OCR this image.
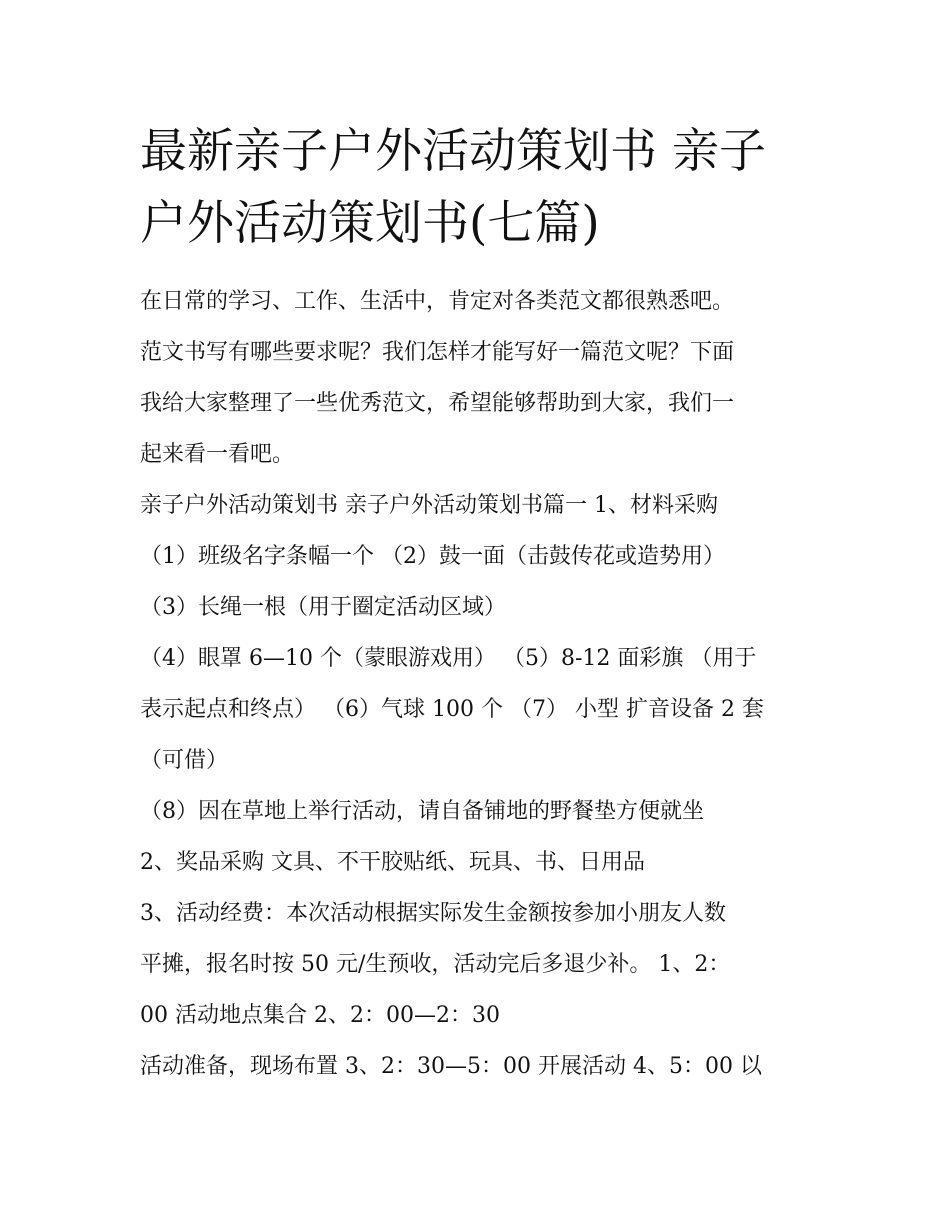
最新亲子户外活动策划书 亲子
户外活动策划书(七篇)
在日常的学习、工作、生活中，肯定对各类范文都很熟悉吧。
范文书写有哪些要求呢？我们怎样才能写好一篇范文呢？下面
我给大家整理了一些优秀范文，希望能够帮助到大家，我们一
起来看一看吧。
亲子户外活动策划书 亲子户外活动策划书篇一 1、材料采购
（1）班级名字条幅一个 （2）鼓一面（击鼓传花或造势用）
（3）长绳一根（用于圈定活动区域）
（4）眼罩 6—10 个（蒙眼游戏用） （5）8-12 面彩旗 （用于
表示起点和终点） （6）气球 100 个 （7） 小型 扩音设备 2 套
（可借）
（8）因在草地上举行活动，请自备铺地的野餐垫方便就坐
2、奖品采购 文具、不干胶贴纸、玩具、书、日用品
3、活动经费：本次活动根据实际发生金额按参加小朋友人数
平摊，报名时按 50 元/生预收，活动完后多退少补。 1、2：
00 活动地点集合 2、2：00—2：30
活动准备，现场布置 3、2：30—5：00 开展活动 4、5：00 以
